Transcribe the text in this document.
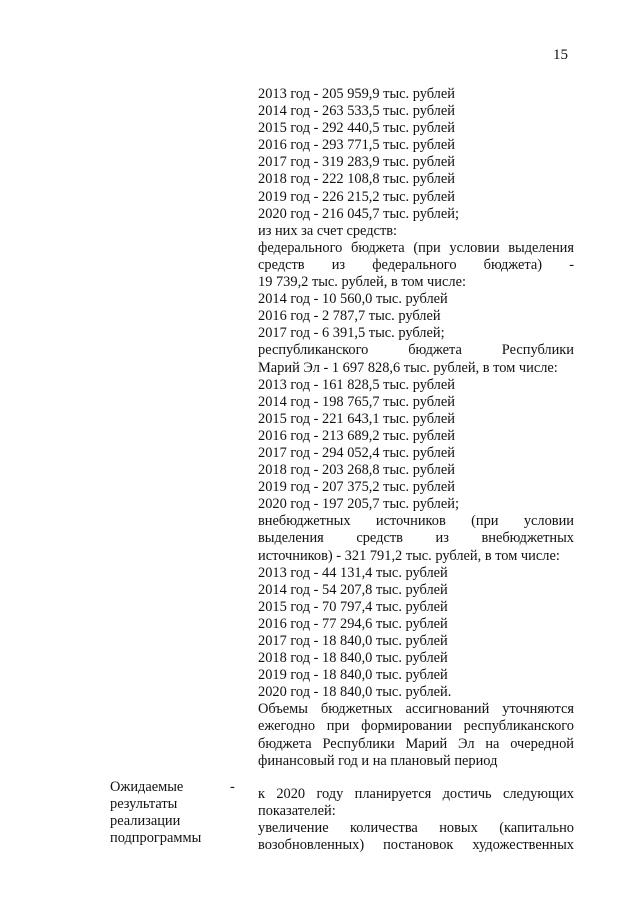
15
2013 год - 205 959,9 тыс. рублей
2014 год - 263 533,5 тыс. рублей
2015 год - 292 440,5 тыс. рублей
2016 год - 293 771,5 тыс. рублей
2017 год - 319 283,9 тыс. рублей
2018 год - 222 108,8 тыс. рублей
2019 год - 226 215,2 тыс. рублей
2020 год - 216 045,7 тыс. рублей;
из них за счет средств:
федерального бюджета (при условии выделения
средств из федерального бюджета) -
19 739,2 тыс. рублей, в том числе:
2014 год - 10 560,0 тыс. рублей
2016 год - 2 787,7 тыс. рублей
2017 год - 6 391,5 тыс. рублей;
республиканского бюджета Республики
Марий Эл - 1 697 828,6 тыс. рублей, в том числе:
2013 год - 161 828,5 тыс. рублей
2014 год - 198 765,7 тыс. рублей
2015 год - 221 643,1 тыс. рублей
2016 год - 213 689,2 тыс. рублей
2017 год - 294 052,4 тыс. рублей
2018 год - 203 268,8 тыс. рублей
2019 год - 207 375,2 тыс. рублей
2020 год - 197 205,7 тыс. рублей;
внебюджетных источников (при условии
выделения средств из внебюджетных
источников) - 321 791,2 тыс. рублей, в том числе:
2013 год - 44 131,4 тыс. рублей
2014 год - 54 207,8 тыс. рублей
2015 год - 70 797,4 тыс. рублей
2016 год - 77 294,6 тыс. рублей
2017 год - 18 840,0 тыс. рублей
2018 год - 18 840,0 тыс. рублей
2019 год - 18 840,0 тыс. рублей
2020 год - 18 840,0 тыс. рублей.
Объемы бюджетных ассигнований уточняются
ежегодно при формировании республиканского
бюджета Республики Марий Эл на очередной
финансовый год и на плановый период
к 2020 году планируется достичь следующих
показателей:
увеличение количества новых (капитально
возобновленных) постановок художественных
Ожидаемые
результаты
реализации
подпрограммы
-
